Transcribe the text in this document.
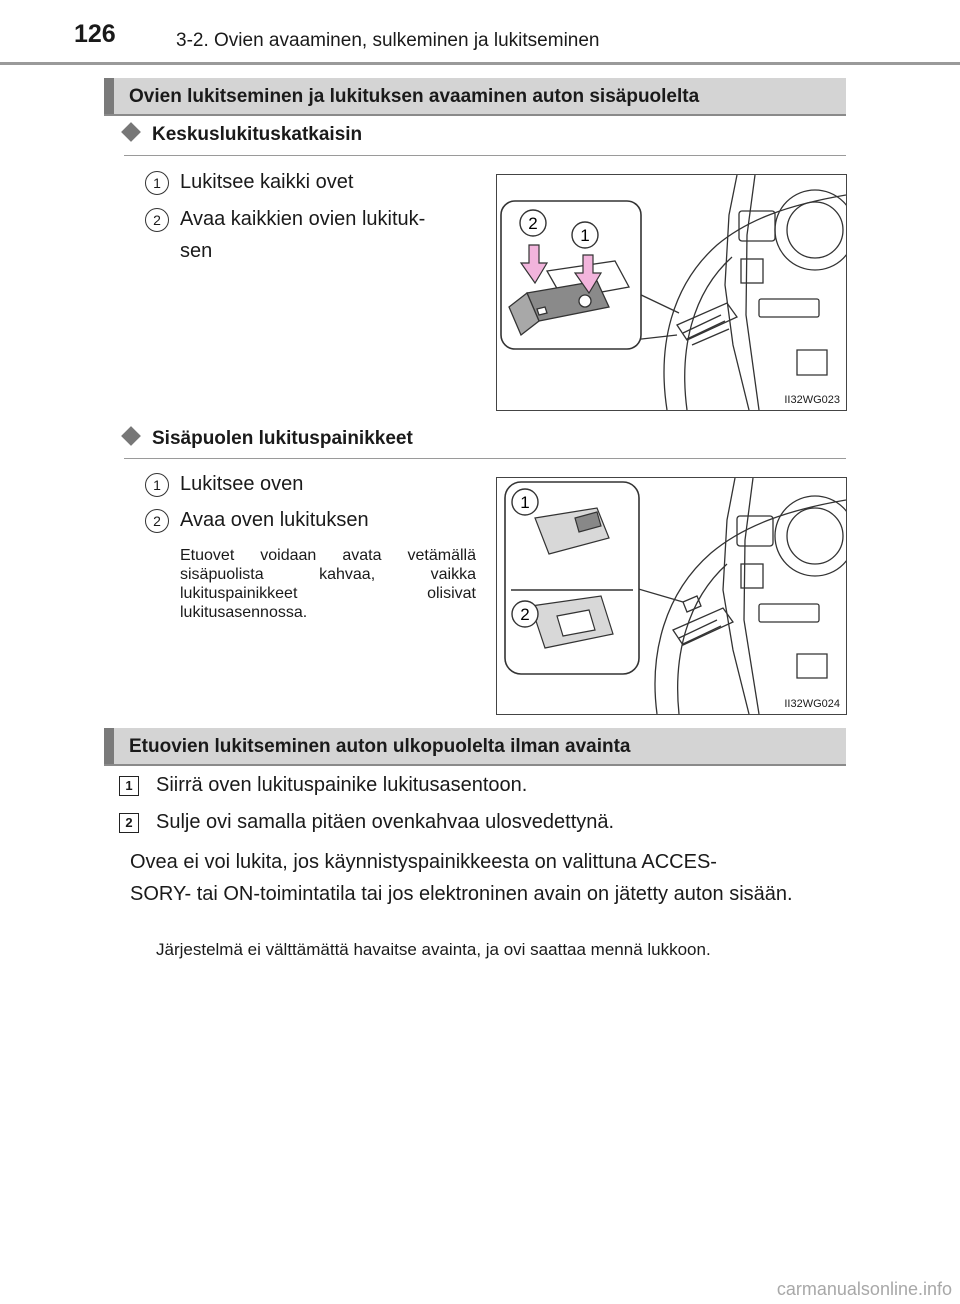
126	3-2. Ovien avaaminen, sulkeminen ja lukitseminen
Ovien lukitseminen ja lukituksen avaaminen auton sisäpuolelta
Keskuslukituskatkaisin
1 Lukitsee kaikki ovet
2 Avaa kaikkien ovien lukituk-
sen
2
1
II32WG023
Sisäpuolen lukituspainikkeet
1 Lukitsee oven
2 Avaa oven lukituksen
Etuovet voidaan avata vetämällä sisäpuolista kahvaa, vaikka lukituspainikkeet olisivat lukitusasennossa.
1
2
II32WG024
Etuovien lukitseminen auton ulkopuolelta ilman avainta
1	Siirrä oven lukituspainike lukitusasentoon.
2	Sulje ovi samalla pitäen ovenkahvaa ulosvedettynä.
Ovea ei voi lukita, jos käynnistyspainikkeesta on valittuna ACCES-
SORY- tai ON-toimintatila tai jos elektroninen avain on jätetty auton sisään.
Järjestelmä ei välttämättä havaitse avainta, ja ovi saattaa mennä lukkoon.
carmanualsonline.info
